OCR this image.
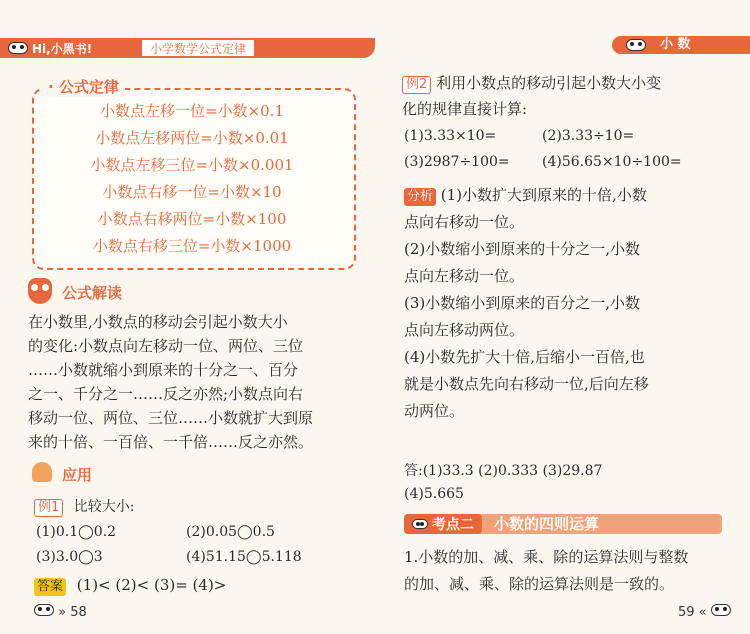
Hi,小黑书!	小学数学公式定律	小 数
· 公式定律
小数点左移一位=小数×0.1
小数点左移两位=小数×0.01
小数点左移三位=小数×0.001
小数点右移一位=小数×10
小数点右移两位=小数×100
小数点右移三位=小数×1000
公式解读
在小数里,小数点的移动会引起小数大小
的变化:小数点向左移动一位、两位、三位
……小数就缩小到原来的十分之一、百分
之一、千分之一……反之亦然;小数点向右
移动一位、两位、三位……小数就扩大到原
来的十倍、一百倍、一千倍……反之亦然。
应用
例1 比较大小:
(1)0.1◯0.2	(2)0.05◯0.5
(3)3.0◯3	(4)51.15◯5.118
答案 (1)< (2)< (3)= (4)>
» 58
例2 利用小数点的移动引起小数大小变
化的规律直接计算:
(1)3.33×10=	(2)3.33÷10=
(3)2987÷100= (4)56.65×10÷100=
分析 (1)小数扩大到原来的十倍,小数
点向右移动一位。
(2)小数缩小到原来的十分之一,小数
点向左移动一位。
(3)小数缩小到原来的百分之一,小数
点向左移动两位。
(4)小数先扩大十倍,后缩小一百倍,也
就是小数点先向右移动一位,后向左移
动两位。
答:(1)33.3 (2)0.333 (3)29.87
(4)5.665
考点二 小数的四则运算
1.小数的加、减、乘、除的运算法则与整数
的加、减、乘、除的运算法则是一致的。
59 «
